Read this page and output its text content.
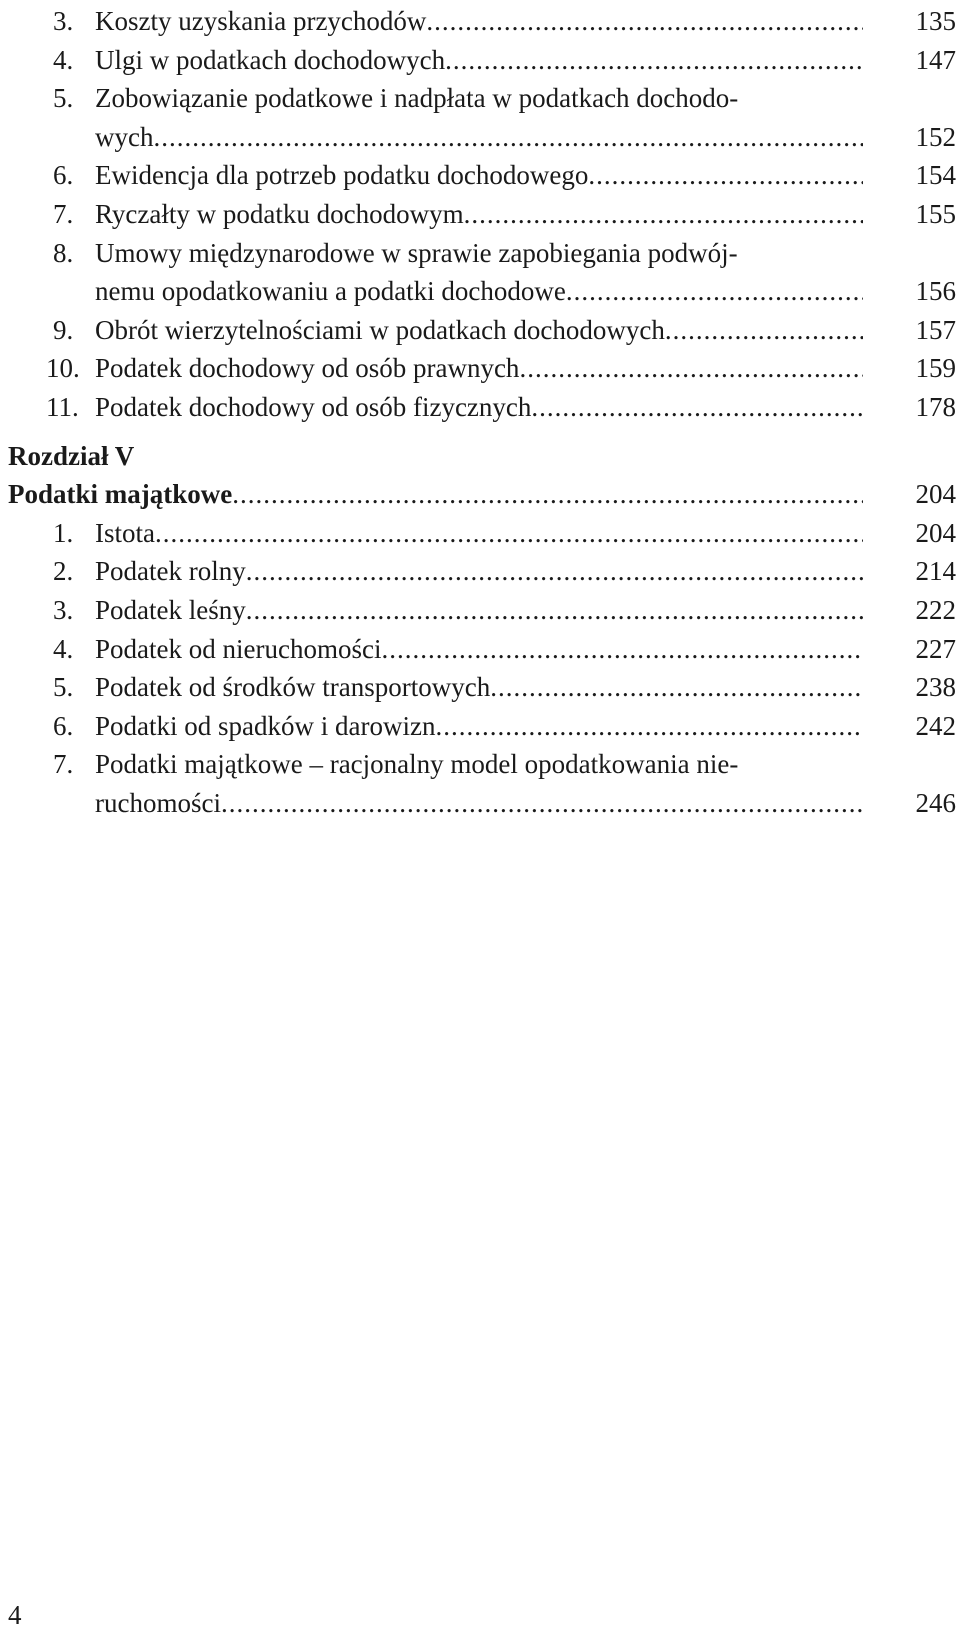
3. Koszty uzyskania przychodów .....	135
4. Ulgi w podatkach dochodowych .....	147
5. Zobowiązanie podatkowe i nadpłata w podatkach dochodo-
wych .....	152
6. Ewidencja dla potrzeb podatku dochodowego .....	154
7. Ryczałty w podatku dochodowym .....	155
8. Umowy międzynarodowe w sprawie zapobiegania podwój-
nemu opodatkowaniu a podatki dochodowe .....	156
9. Obrót wierzytelnościami w podatkach dochodowych .....	157
10. Podatek dochodowy od osób prawnych .....	159
11. Podatek dochodowy od osób fizycznych .....	178
Rozdział V
Podatki majątkowe .....	204
1. Istota .....	204
2. Podatek rolny .....	214
3. Podatek leśny .....	222
4. Podatek od nieruchomości .....	227
5. Podatek od środków transportowych .....	238
6. Podatki od spadków i darowizn .....	242
7. Podatki majątkowe – racjonalny model opodatkowania nie-
ruchomości .....	246
4
